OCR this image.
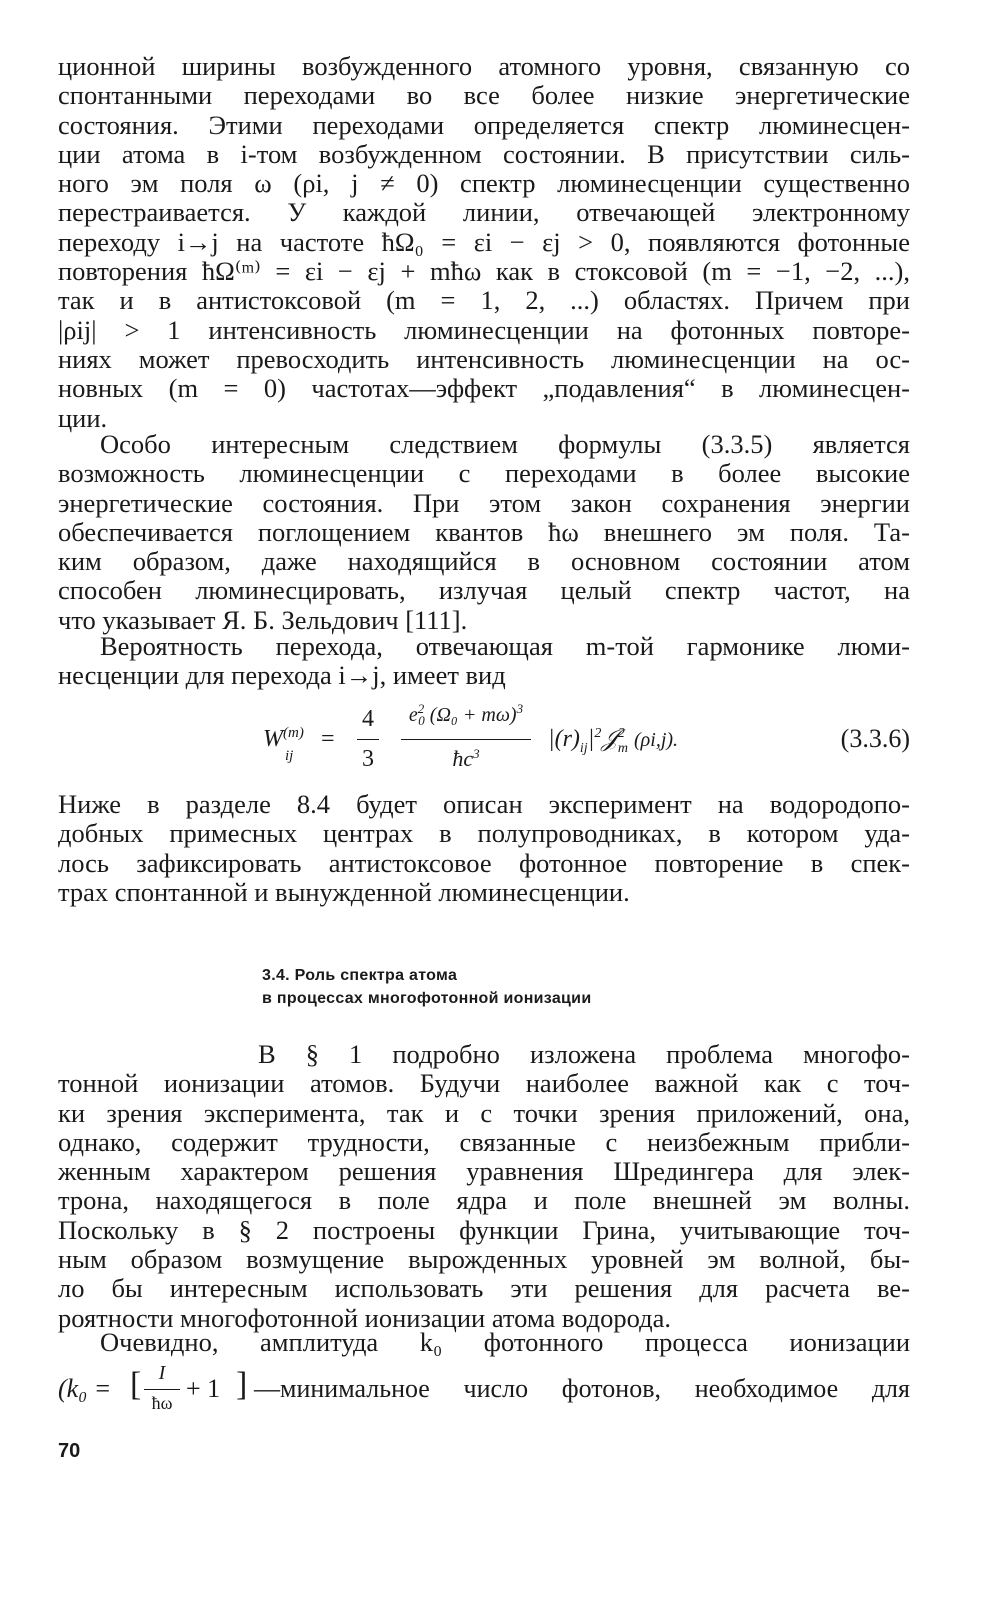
ционной ширины возбужденного атомного уровня, связанную со
спонтанными переходами во все более низкие энергетические
состояния. Этими переходами определяется спектр люминесцен-
ции атома в i-том возбужденном состоянии. В присутствии силь-
ного эм поля ω (ρi, j ≠ 0) спектр люминесценции существенно
перестраивается. У каждой линии, отвечающей электронному
переходу i→j на частоте ħΩ₀ = εi − εj > 0, появляются фотонные
повторения ħΩ⁽ᵐ⁾ = εi − εj + mħω как в стоксовой (m = −1, −2, ...),
так и в антистоксовой (m = 1, 2, ...) областях. Причем при
|ρij| > 1 интенсивность люминесценции на фотонных повторе-
ниях может превосходить интенсивность люминесценции на ос-
новных (m = 0) частотах—эффект „подавления“ в люминесцен-
ции.
Особо интересным следствием формулы (3.3.5) является
возможность люминесценции с переходами в более высокие
энергетические состояния. При этом закон сохранения энергии
обеспечивается поглощением квантов ħω внешнего эм поля. Та-
ким образом, даже находящийся в основном состоянии атом
способен люминесцировать, излучая целый спектр частот, на
что указывает Я. Б. Зельдович [111].
Вероятность перехода, отвечающая m-той гармонике люми-
несценции для перехода i→j, имеет вид
$W^{(m)}$
ij
=
4
3
$e^2_0$ $(\Omega_0 + m\omega)^3$
$ħc^3$
$|(r)_{ij}|^2𝒥^2_m$ (ρi,j).	(3.3.6)
Ниже в разделе 8.4 будет описан эксперимент на водородопо-
добных примесных центрах в полупроводниках, в котором уда-
лось зафиксировать антистоксовое фотонное повторение в спек-
трах спонтанной и вынужденной люминесценции.
3.4. Роль спектра атома
в процессах многофотонной ионизации
В § 1 подробно изложена проблема многофо-
тонной ионизации атомов. Будучи наиболее важной как с точ-
ки зрения эксперимента, так и с точки зрения приложений, она,
однако, содержит трудности, связанные с неизбежным прибли-
женным характером решения уравнения Шредингера для элек-
трона, находящегося в поле ядра и поле внешней эм волны.
Поскольку в § 2 построены функции Грина, учитывающие точ-
ным образом возмущение вырожденных уровней эм волной, бы-
ло бы интересным использовать эти решения для расчета ве-
роятности многофотонной ионизации атома водорода.
Очевидно, амплитуда k₀ фотонного процесса ионизации
(k₀ = [ I
ħω + 1 ] —минимальное число фотонов, необходимое для
70
